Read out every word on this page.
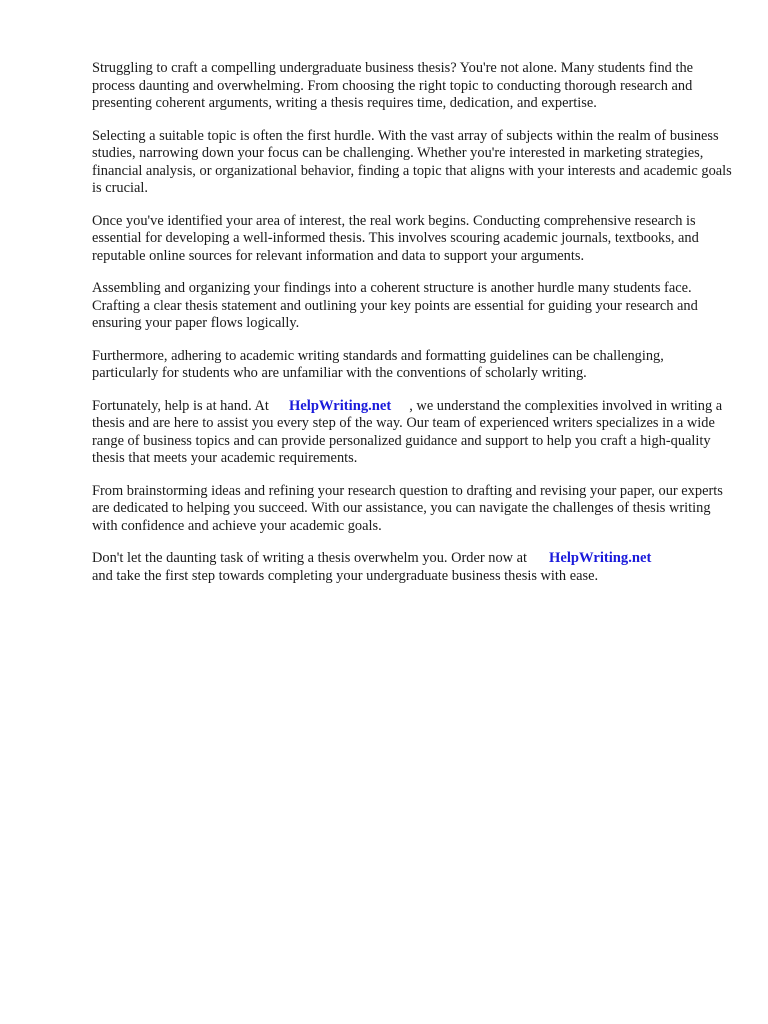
Struggling to craft a compelling undergraduate business thesis? You're not alone. Many students find the process daunting and overwhelming. From choosing the right topic to conducting thorough research and presenting coherent arguments, writing a thesis requires time, dedication, and expertise.

Selecting a suitable topic is often the first hurdle. With the vast array of subjects within the realm of business studies, narrowing down your focus can be challenging. Whether you're interested in marketing strategies, financial analysis, or organizational behavior, finding a topic that aligns with your interests and academic goals is crucial.

Once you've identified your area of interest, the real work begins. Conducting comprehensive research is essential for developing a well-informed thesis. This involves scouring academic journals, textbooks, and reputable online sources for relevant information and data to support your arguments.

Assembling and organizing your findings into a coherent structure is another hurdle many students face. Crafting a clear thesis statement and outlining your key points are essential for guiding your research and ensuring your paper flows logically.

Furthermore, adhering to academic writing standards and formatting guidelines can be challenging, particularly for students who are unfamiliar with the conventions of scholarly writing.

Fortunately, help is at hand. At HelpWriting.net , we understand the complexities involved in writing a thesis and are here to assist you every step of the way. Our team of experienced writers specializes in a wide range of business topics and can provide personalized guidance and support to help you craft a high-quality thesis that meets your academic requirements.

From brainstorming ideas and refining your research question to drafting and revising your paper, our experts are dedicated to helping you succeed. With our assistance, you can navigate the challenges of thesis writing with confidence and achieve your academic goals.

Don't let the daunting task of writing a thesis overwhelm you. Order now at HelpWriting.net
and take the first step towards completing your undergraduate business thesis with ease.
